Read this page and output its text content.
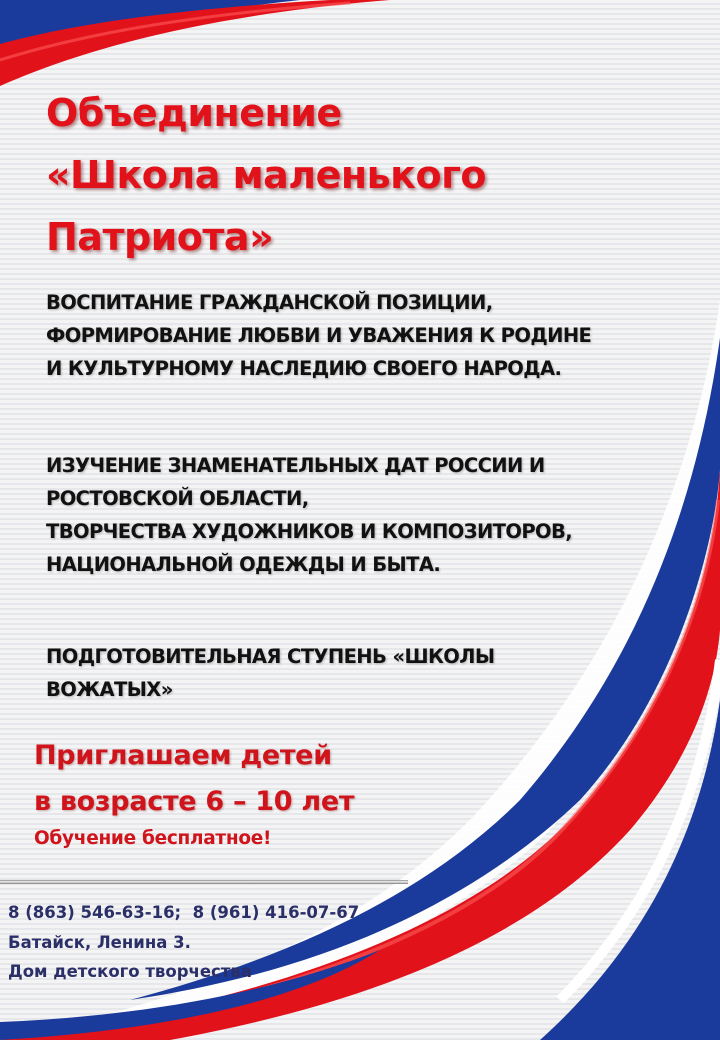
Объединение
«Школа маленького
Патриота»
ВОСПИТАНИЕ ГРАЖДАНСКОЙ ПОЗИЦИИ,
ФОРМИРОВАНИЕ ЛЮБВИ И УВАЖЕНИЯ К РОДИНЕ
И КУЛЬТУРНОМУ НАСЛЕДИЮ СВОЕГО НАРОДА.
ИЗУЧЕНИЕ ЗНАМЕНАТЕЛЬНЫХ ДАТ РОССИИ И
РОСТОВСКОЙ ОБЛАСТИ,
ТВОРЧЕСТВА ХУДОЖНИКОВ И КОМПОЗИТОРОВ,
НАЦИОНАЛЬНОЙ ОДЕЖДЫ И БЫТА.
ПОДГОТОВИТЕЛЬНАЯ СТУПЕНЬ «ШКОЛЫ
ВОЖАТЫХ»
Приглашаем детей
в возрасте 6 – 10 лет
Обучение бесплатное!
8 (863) 546-63-16;  8 (961) 416-07-67
Батайск, Ленина 3.
Дом детского творчества
